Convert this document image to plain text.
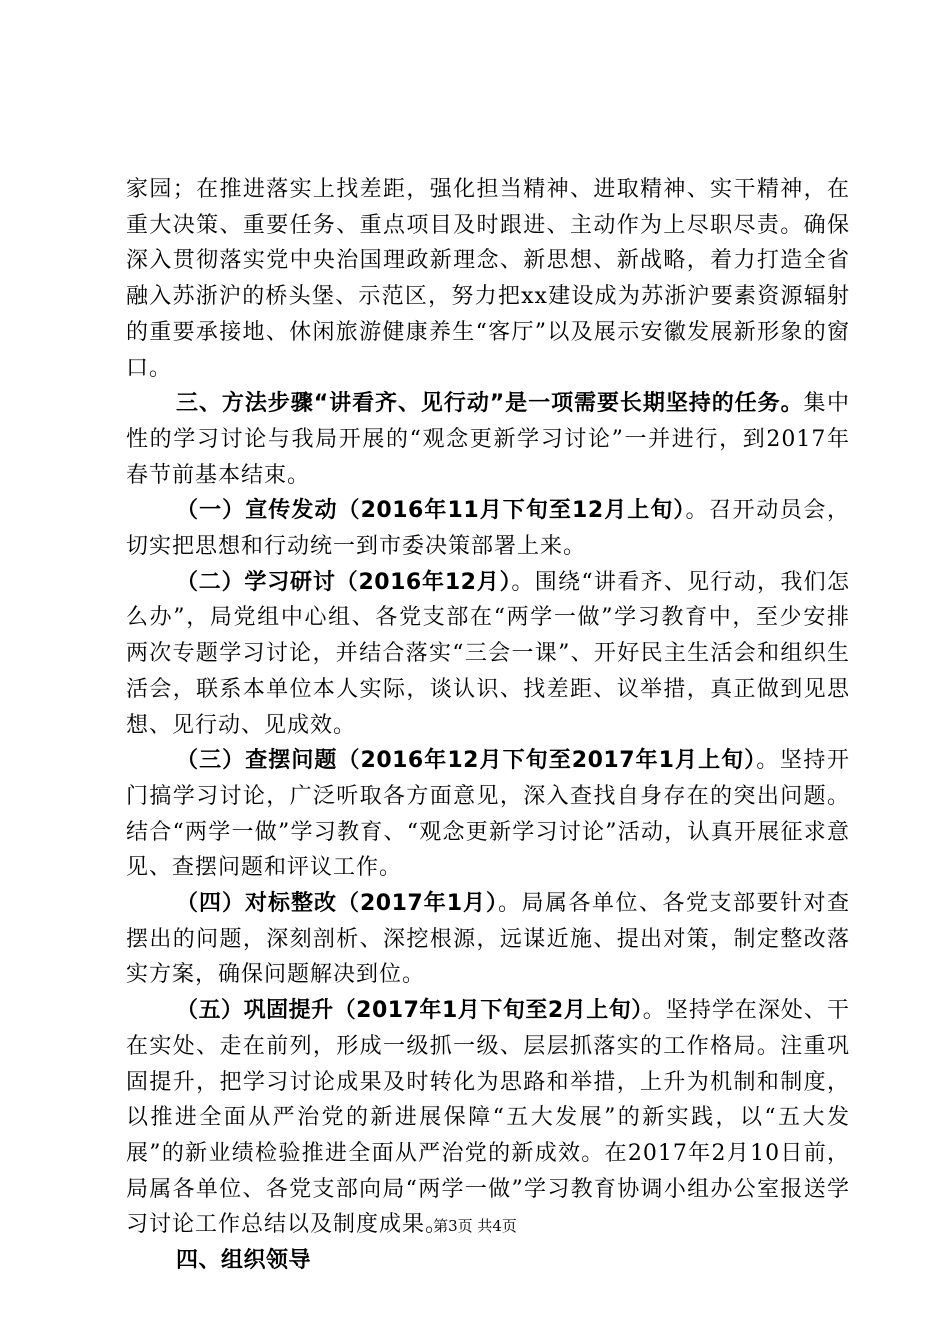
家园；在推进落实上找差距，强化担当精神、进取精神、实干精神，在重大决策、重要任务、重点项目及时跟进、主动作为上尽职尽责。确保深入贯彻落实党中央治国理政新理念、新思想、新战略，着力打造全省融入苏浙沪的桥头堡、示范区，努力把xx建设成为苏浙沪要素资源辐射的重要承接地、休闲旅游健康养生“客厅”以及展示安徽发展新形象的窗口。

三、方法步骤“讲看齐、见行动”是一项需要长期坚持的任务。集中性的学习讨论与我局开展的“观念更新学习讨论”一并进行，到2017年春节前基本结束。

（一）宣传发动（2016年11月下旬至12月上旬）。召开动员会，切实把思想和行动统一到市委决策部署上来。

（二）学习研讨（2016年12月）。围绕“讲看齐、见行动，我们怎么办”，局党组中心组、各党支部在“两学一做”学习教育中，至少安排两次专题学习讨论，并结合落实“三会一课”、开好民主生活会和组织生活会，联系本单位本人实际，谈认识、找差距、议举措，真正做到见思想、见行动、见成效。

（三）查摆问题（2016年12月下旬至2017年1月上旬）。坚持开门搞学习讨论，广泛听取各方面意见，深入查找自身存在的突出问题。结合“两学一做”学习教育、“观念更新学习讨论”活动，认真开展征求意见、查摆问题和评议工作。

（四）对标整改（2017年1月）。局属各单位、各党支部要针对查摆出的问题，深刻剖析、深挖根源，远谋近施、提出对策，制定整改落实方案，确保问题解决到位。

（五）巩固提升（2017年1月下旬至2月上旬）。坚持学在深处、干在实处、走在前列，形成一级抓一级、层层抓落实的工作格局。注重巩固提升，把学习讨论成果及时转化为思路和举措，上升为机制和制度，以推进全面从严治党的新进展保障“五大发展”的新实践，以“五大发展”的新业绩检验推进全面从严治党的新成效。在2017年2月10日前，局属各单位、各党支部向局“两学一做”学习教育协调小组办公室报送学习讨论工作总结以及制度成果。

四、组织领导

第3页 共4页
